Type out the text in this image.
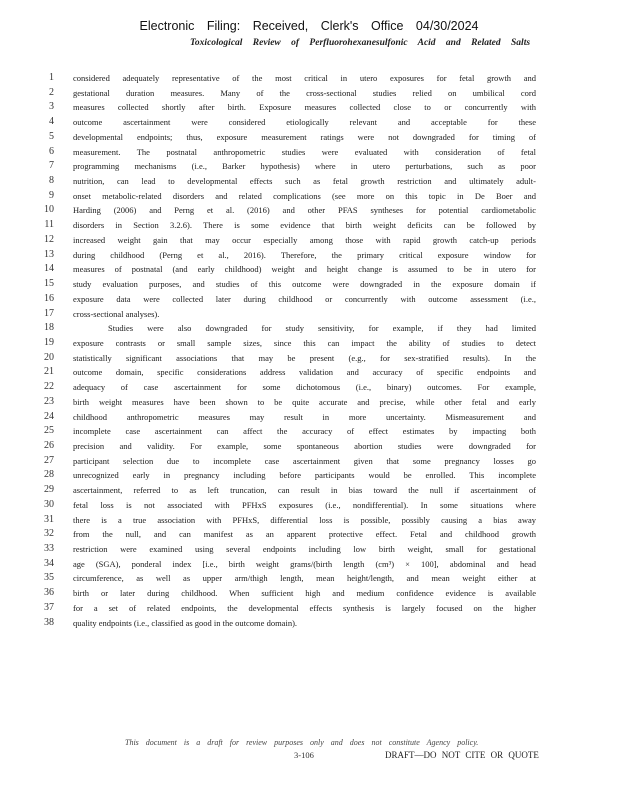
Electronic Filing: Received, Clerk's Office 04/30/2024
Toxicological Review of Perfluorohexanesulfonic Acid and Related Salts
1 considered adequately representative of the most critical in utero exposures for fetal growth and
2 gestational duration measures. Many of the cross-sectional studies relied on umbilical cord
3 measures collected shortly after birth. Exposure measures collected close to or concurrently with
4 outcome ascertainment were considered etiologically relevant and acceptable for these
5 developmental endpoints; thus, exposure measurement ratings were not downgraded for timing of
6 measurement. The postnatal anthropometric studies were evaluated with consideration of fetal
7 programming mechanisms (i.e., Barker hypothesis) where in utero perturbations, such as poor
8 nutrition, can lead to developmental effects such as fetal growth restriction and ultimately adult-
9 onset metabolic-related disorders and related complications (see more on this topic in De Boer and
10 Harding (2006) and Perng et al. (2016) and other PFAS syntheses for potential cardiometabolic
11 disorders in Section 3.2.6). There is some evidence that birth weight deficits can be followed by
12 increased weight gain that may occur especially among those with rapid growth catch-up periods
13 during childhood (Perng et al., 2016). Therefore, the primary critical exposure window for
14 measures of postnatal (and early childhood) weight and height change is assumed to be in utero for
15 study evaluation purposes, and studies of this outcome were downgraded in the exposure domain if
16 exposure data were collected later during childhood or concurrently with outcome assessment (i.e.,
17 cross-sectional analyses).
18	Studies were also downgraded for study sensitivity, for example, if they had limited
19 exposure contrasts or small sample sizes, since this can impact the ability of studies to detect
20 statistically significant associations that may be present (e.g., for sex-stratified results). In the
21 outcome domain, specific considerations address validation and accuracy of specific endpoints and
22 adequacy of case ascertainment for some dichotomous (i.e., binary) outcomes. For example,
23 birth weight measures have been shown to be quite accurate and precise, while other fetal and early
24 childhood anthropometric measures may result in more uncertainty. Mismeasurement and
25 incomplete case ascertainment can affect the accuracy of effect estimates by impacting both
26 precision and validity. For example, some spontaneous abortion studies were downgraded for
27 participant selection due to incomplete case ascertainment given that some pregnancy losses go
28 unrecognized early in pregnancy including before participants would be enrolled. This incomplete
29 ascertainment, referred to as left truncation, can result in bias toward the null if ascertainment of
30 fetal loss is not associated with PFHxS exposures (i.e., nondifferential). In some situations where
31 there is a true association with PFHxS, differential loss is possible, possibly causing a bias away
32 from the null, and can manifest as an apparent protective effect. Fetal and childhood growth
33 restriction were examined using several endpoints including low birth weight, small for gestational
34 age (SGA), ponderal index [i.e., birth weight grams/(birth length (cm³) × 100], abdominal and head
35 circumference, as well as upper arm/thigh length, mean height/length, and mean weight either at
36 birth or later during childhood. When sufficient high and medium confidence evidence is available
37 for a set of related endpoints, the developmental effects synthesis is largely focused on the higher
38 quality endpoints (i.e., classified as good in the outcome domain).
This document is a draft for review purposes only and does not constitute Agency policy.
3-106	DRAFT—DO NOT CITE OR QUOTE
